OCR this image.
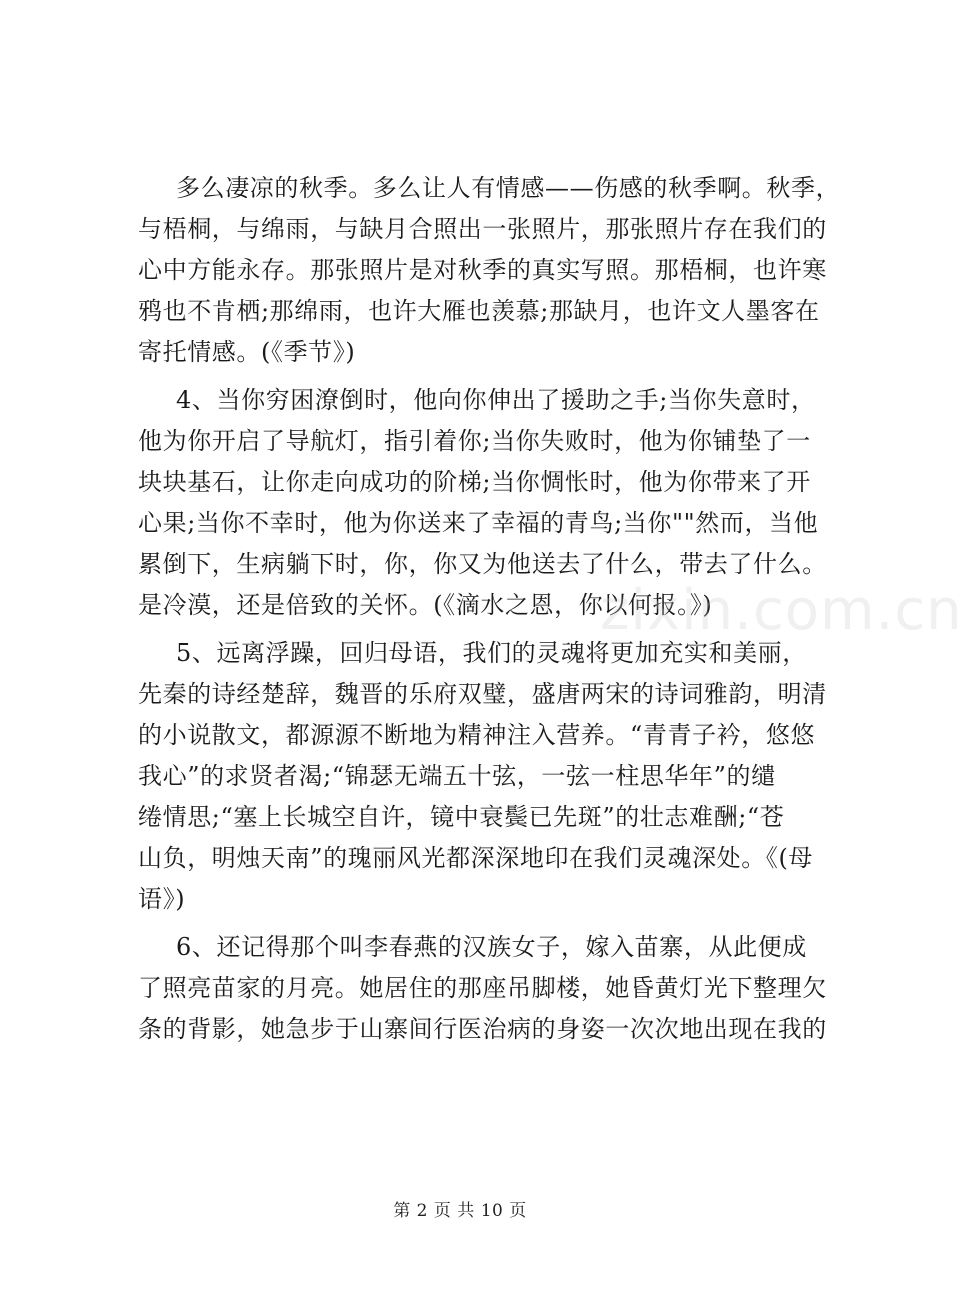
多么凄凉的秋季。多么让人有情感——伤感的秋季啊。秋季，
与梧桐，与绵雨，与缺月合照出一张照片，那张照片存在我们的
心中方能永存。那张照片是对秋季的真实写照。那梧桐，也许寒
鸦也不肯栖;那绵雨，也许大雁也羡慕;那缺月，也许文人墨客在
寄托情感。(《季节》)
4、当你穷困潦倒时，他向你伸出了援助之手;当你失意时，
他为你开启了导航灯，指引着你;当你失败时，他为你铺垫了一
块块基石，让你走向成功的阶梯;当你惆怅时，他为你带来了开
心果;当你不幸时，他为你送来了幸福的青鸟;当你""然而，当他
累倒下，生病躺下时，你，你又为他送去了什么，带去了什么。
是冷漠，还是倍致的关怀。(《滴水之恩，你以何报。》)
5、远离浮躁，回归母语，我们的灵魂将更加充实和美丽，
先秦的诗经楚辞，魏晋的乐府双璧，盛唐两宋的诗词雅韵，明清
的小说散文，都源源不断地为精神注入营养。“青青子衿，悠悠
我心”的求贤者渴;“锦瑟无端五十弦，一弦一柱思华年”的缱
绻情思;“塞上长城空自许，镜中衰鬓已先斑”的壮志难酬;“苍
山负，明烛天南”的瑰丽风光都深深地印在我们灵魂深处。《(母
语》)
6、还记得那个叫李春燕的汉族女子，嫁入苗寨，从此便成
了照亮苗家的月亮。她居住的那座吊脚楼，她昏黄灯光下整理欠
条的背影，她急步于山寨间行医治病的身姿一次次地出现在我的
zixin.com.cn
第 2 页 共 10 页
